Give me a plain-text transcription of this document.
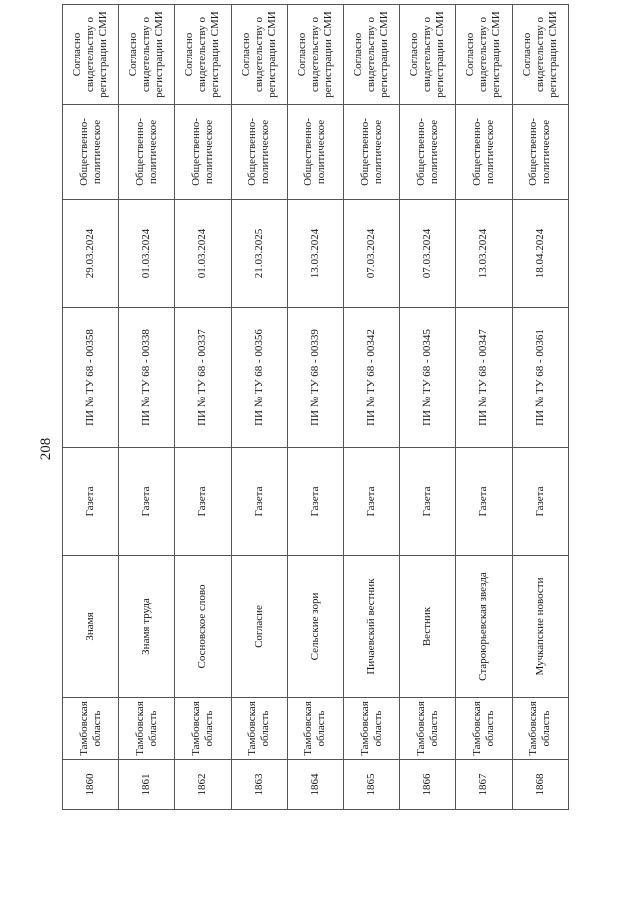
208
1860	Тамбовская область	Знамя	Газета	ПИ № ТУ 68 - 00358	29.03.2024	Общественно-политическое	Согласно свидетельству о регистрации СМИ
1861	Тамбовская область	Знамя труда	Газета	ПИ № ТУ 68 - 00338	01.03.2024	Общественно-политическое	Согласно свидетельству о регистрации СМИ
1862	Тамбовская область	Сосновское слово	Газета	ПИ № ТУ 68 - 00337	01.03.2024	Общественно-политическое	Согласно свидетельству о регистрации СМИ
1863	Тамбовская область	Согласие	Газета	ПИ № ТУ 68 - 00356	21.03.2025	Общественно-политическое	Согласно свидетельству о регистрации СМИ
1864	Тамбовская область	Сельские зори	Газета	ПИ № ТУ 68 - 00339	13.03.2024	Общественно-политическое	Согласно свидетельству о регистрации СМИ
1865	Тамбовская область	Пичаевский вестник	Газета	ПИ № ТУ 68 - 00342	07.03.2024	Общественно-политическое	Согласно свидетельству о регистрации СМИ
1866	Тамбовская область	Вестник	Газета	ПИ № ТУ 68 - 00345	07.03.2024	Общественно-политическое	Согласно свидетельству о регистрации СМИ
1867	Тамбовская область	Староюрьевская звезда	Газета	ПИ № ТУ 68 - 00347	13.03.2024	Общественно-политическое	Согласно свидетельству о регистрации СМИ
1868	Тамбовская область	Мучкапские новости	Газета	ПИ № ТУ 68 - 00361	18.04.2024	Общественно-политическое	Согласно свидетельству о регистрации СМИ
